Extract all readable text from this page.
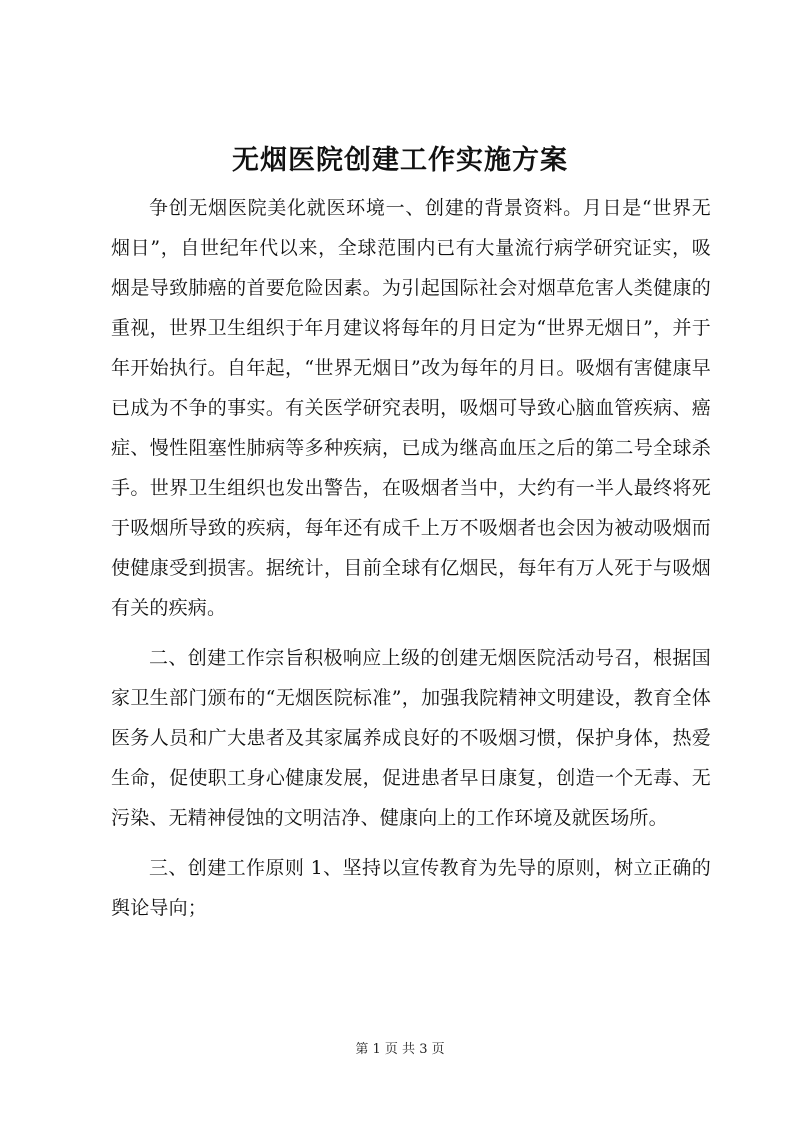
无烟医院创建工作实施方案

争创无烟医院美化就医环境一、创建的背景资料。月日是“世界无烟日”，自世纪年代以来，全球范围内已有大量流行病学研究证实，吸烟是导致肺癌的首要危险因素。为引起国际社会对烟草危害人类健康的重视，世界卫生组织于年月建议将每年的月日定为“世界无烟日”，并于年开始执行。自年起，“世界无烟日”改为每年的月日。吸烟有害健康早已成为不争的事实。有关医学研究表明，吸烟可导致心脑血管疾病、癌症、慢性阻塞性肺病等多种疾病，已成为继高血压之后的第二号全球杀手。世界卫生组织也发出警告，在吸烟者当中，大约有一半人最终将死于吸烟所导致的疾病，每年还有成千上万不吸烟者也会因为被动吸烟而使健康受到损害。据统计，目前全球有亿烟民，每年有万人死于与吸烟有关的疾病。

二、创建工作宗旨积极响应上级的创建无烟医院活动号召，根据国家卫生部门颁布的“无烟医院标准”，加强我院精神文明建设，教育全体医务人员和广大患者及其家属养成良好的不吸烟习惯，保护身体，热爱生命，促使职工身心健康发展，促进患者早日康复，创造一个无毒、无污染、无精神侵蚀的文明洁净、健康向上的工作环境及就医场所。

三、创建工作原则 1、坚持以宣传教育为先导的原则，树立正确的舆论导向；

第 1 页 共 3 页
